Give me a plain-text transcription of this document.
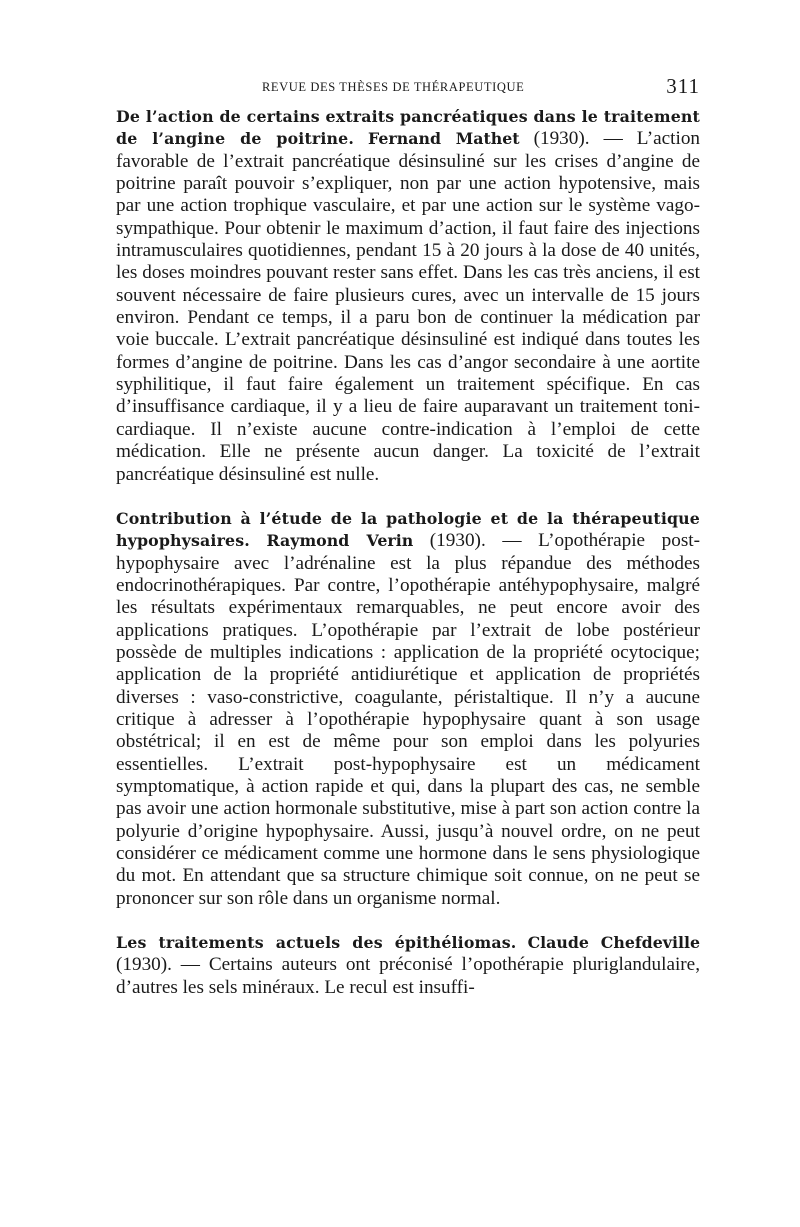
REVUE DES THÈSES DE THÉRAPEUTIQUE	311

De l’action de certains extraits pancréatiques dans le traitement de l’angine de poitrine. Fernand Mathet (1930). — L’action favorable de l’extrait pancréatique désinsuliné sur les crises d’angine de poitrine paraît pouvoir s’expliquer, non par une action hypotensive, mais par une action trophique vasculaire, et par une action sur le système vago-sympathique. Pour obtenir le maximum d’action, il faut faire des injections intramusculaires quotidiennes, pendant 15 à 20 jours à la dose de 40 unités, les doses moindres pouvant rester sans effet. Dans les cas très anciens, il est souvent nécessaire de faire plusieurs cures, avec un intervalle de 15 jours environ. Pendant ce temps, il a paru bon de continuer la médication par voie buccale. L’extrait pancréatique désinsuliné est indiqué dans toutes les formes d’angine de poitrine. Dans les cas d’angor secondaire à une aortite syphilitique, il faut faire également un traitement spécifique. En cas d’insuffisance cardiaque, il y a lieu de faire auparavant un traitement toni-cardiaque. Il n’existe aucune contre-indication à l’emploi de cette médication. Elle ne présente aucun danger. La toxicité de l’extrait pancréatique désinsuliné est nulle.

Contribution à l’étude de la pathologie et de la thérapeutique hypophysaires. Raymond Verin (1930). — L’opothérapie post-hypophysaire avec l’adrénaline est la plus répandue des méthodes endocrinothérapiques. Par contre, l’opothérapie antéhypophysaire, malgré les résultats expérimentaux remarquables, ne peut encore avoir des applications pratiques. L’opothérapie par l’extrait de lobe postérieur possède de multiples indications : application de la propriété ocytocique; application de la propriété antidiurétique et application de propriétés diverses : vaso-constrictive, coagulante, péristaltique. Il n’y a aucune critique à adresser à l’opothérapie hypophysaire quant à son usage obstétrical; il en est de même pour son emploi dans les polyuries essentielles. L’extrait post-hypophysaire est un médicament symptomatique, à action rapide et qui, dans la plupart des cas, ne semble pas avoir une action hormonale substitutive, mise à part son action contre la polyurie d’origine hypophysaire. Aussi, jusqu’à nouvel ordre, on ne peut considérer ce médicament comme une hormone dans le sens physiologique du mot. En attendant que sa structure chimique soit connue, on ne peut se prononcer sur son rôle dans un organisme normal.

Les traitements actuels des épithéliomas. Claude Chefdeville (1930). — Certains auteurs ont préconisé l’opothérapie pluriglandulaire, d’autres les sels minéraux. Le recul est insuffi-
